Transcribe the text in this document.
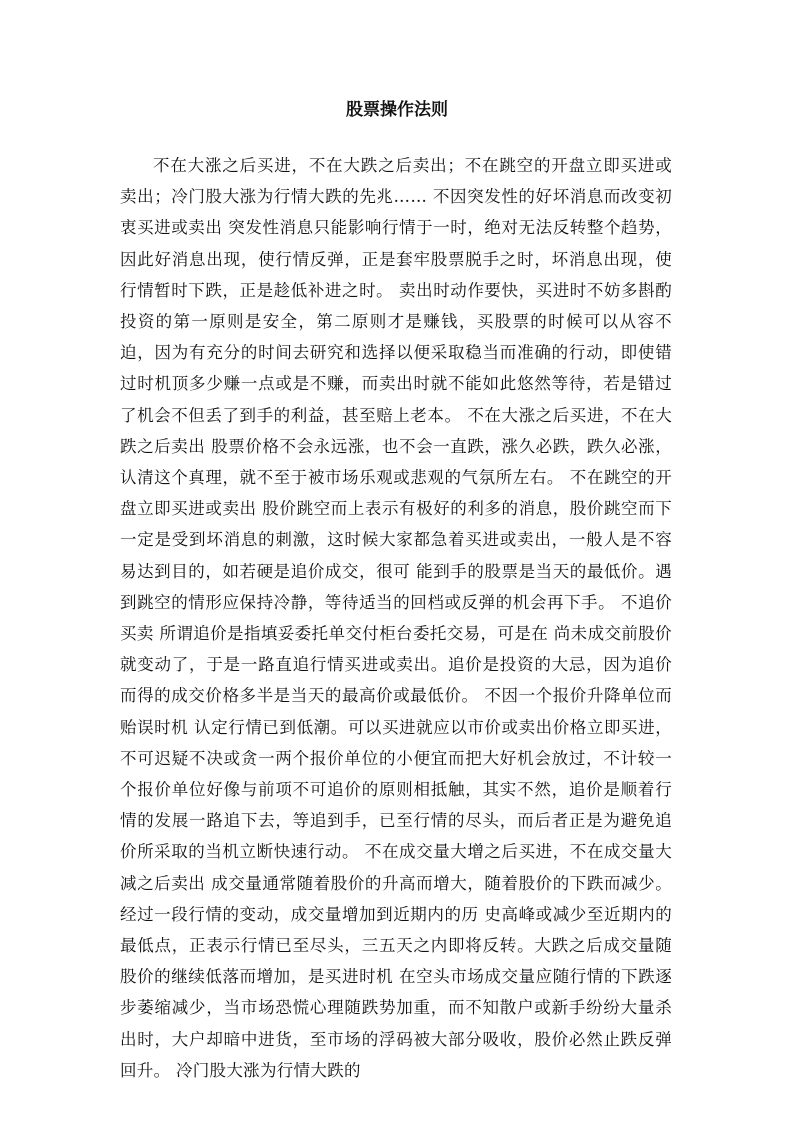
股票操作法则

不在大涨之后买进，不在大跌之后卖出；不在跳空的开盘立即买进或卖出；冷门股大涨为行情大跌的先兆…… 不因突发性的好坏消息而改变初衷买进或卖出 突发性消息只能影响行情于一时，绝对无法反转整个趋势，因此好消息出现，使行情反弹，正是套牢股票脱手之时，坏消息出现，使行情暂时下跌，正是趁低补进之时。 卖出时动作要快，买进时不妨多斟酌 投资的第一原则是安全，第二原则才是赚钱，买股票的时候可以从容不迫，因为有充分的时间去研究和选择以便采取稳当而准确的行动，即使错过时机顶多少赚一点或是不赚，而卖出时就不能如此悠然等待，若是错过了机会不但丢了到手的利益，甚至赔上老本。 不在大涨之后买进，不在大跌之后卖出 股票价格不会永远涨，也不会一直跌，涨久必跌，跌久必涨，认清这个真理，就不至于被市场乐观或悲观的气氛所左右。 不在跳空的开盘立即买进或卖出 股价跳空而上表示有极好的利多的消息，股价跳空而下一定是受到坏消息的刺激，这时候大家都急着买进或卖出，一般人是不容易达到目的，如若硬是追价成交，很可 能到手的股票是当天的最低价。遇到跳空的情形应保持冷静，等待适当的回档或反弹的机会再下手。 不追价买卖 所谓追价是指填妥委托单交付柜台委托交易，可是在 尚未成交前股价就变动了，于是一路直追行情买进或卖出。追价是投资的大忌，因为追价而得的成交价格多半是当天的最高价或最低价。 不因一个报价升降单位而贻误时机 认定行情已到低潮。可以买进就应以市价或卖出价格立即买进，不可迟疑不决或贪一两个报价单位的小便宜而把大好机会放过，不计较一个报价单位好像与前项不可追价的原则相抵触，其实不然，追价是顺着行情的发展一路追下去，等追到手，已至行情的尽头，而后者正是为避免追价所采取的当机立断快速行动。 不在成交量大增之后买进，不在成交量大减之后卖出 成交量通常随着股价的升高而增大，随着股价的下跌而减少。经过一段行情的变动，成交量增加到近期内的历 史高峰或减少至近期内的最低点，正表示行情已至尽头，三五天之内即将反转。大跌之后成交量随股价的继续低落而增加，是买进时机 在空头市场成交量应随行情的下跌逐步萎缩减少，当市场恐慌心理随跌势加重，而不知散户或新手纷纷大量杀出时，大户却暗中进货，至市场的浮码被大部分吸收，股价必然止跌反弹回升。 冷门股大涨为行情大跌的
